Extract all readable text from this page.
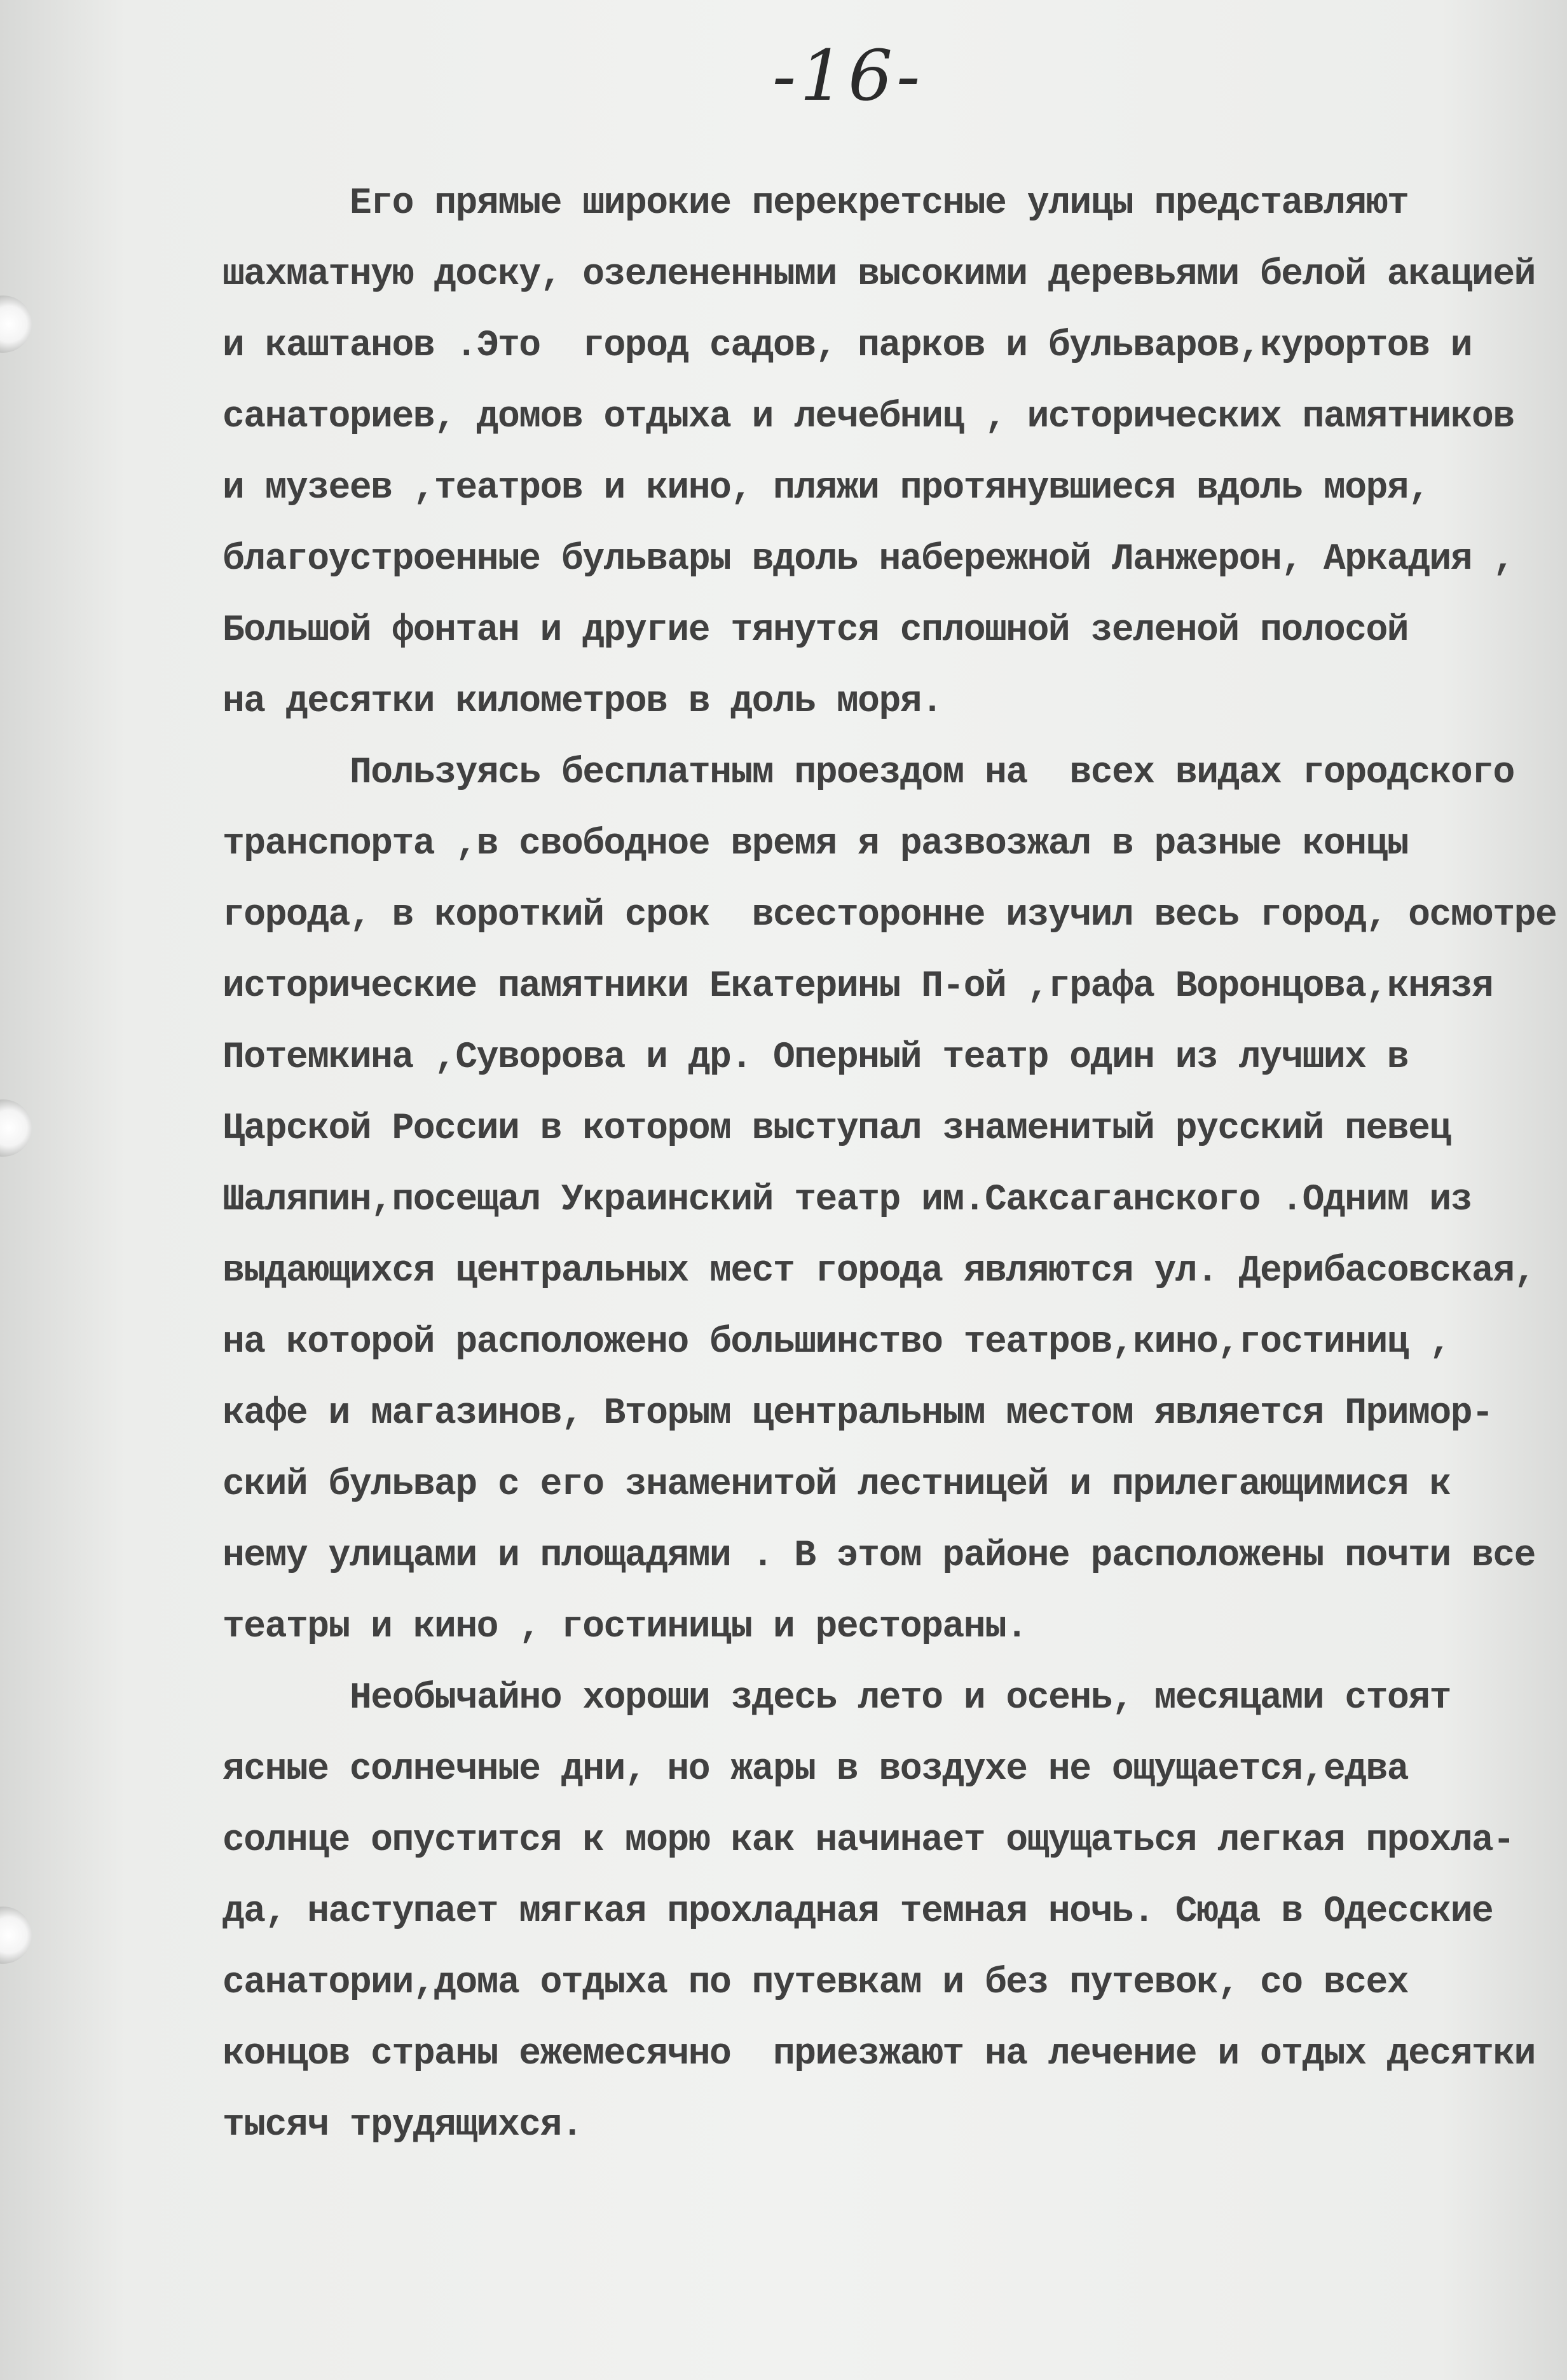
-16-
Его прямые широкие перекретсные улицы представляют
шахматную доску, озелененными высокими деревьями белой акацией
и каштанов .Это  город садов, парков и бульваров,курортов и
санаториев, домов отдыха и лечебниц , исторических памятников
и музеев ,театров и кино, пляжи протянувшиеся вдоль моря,
благоустроенные бульвары вдоль набережной Ланжерон, Аркадия ,
Большой фонтан и другие тянутся сплошной зеленой полосой
на десятки километров в доль моря.
Пользуясь бесплатным проездом на  всех видах городского
транспорта ,в свободное время я развозжал в разные концы
города, в короткий срок  всесторонне изучил весь город, осмотре
исторические памятники Екатерины П-ой ,графа Воронцова,князя
Потемкина ,Суворова и др. Оперный театр один из лучших в
Царской России в котором выступал знаменитый русский певец
Шаляпин,посещал Украинский театр им.Саксаганского .Одним из
выдающихся центральных мест города являются ул. Дерибасовская,
на которой расположено большинство театров,кино,гостиниц ,
кафе и магазинов, Вторым центральным местом является Примор-
ский бульвар с его знаменитой лестницей и прилегающимися к
нему улицами и площадями . В этом районе расположены почти все
театры и кино , гостиницы и рестораны.
Необычайно хороши здесь лето и осень, месяцами стоят
ясные солнечные дни, но жары в воздухе не ощущается,едва
солнце опустится к морю как начинает ощущаться легкая прохла-
да, наступает мягкая прохладная темная ночь. Сюда в Одесские
санатории,дома отдыха по путевкам и без путевок, со всех
концов страны ежемесячно  приезжают на лечение и отдых десятки
тысяч трудящихся.
